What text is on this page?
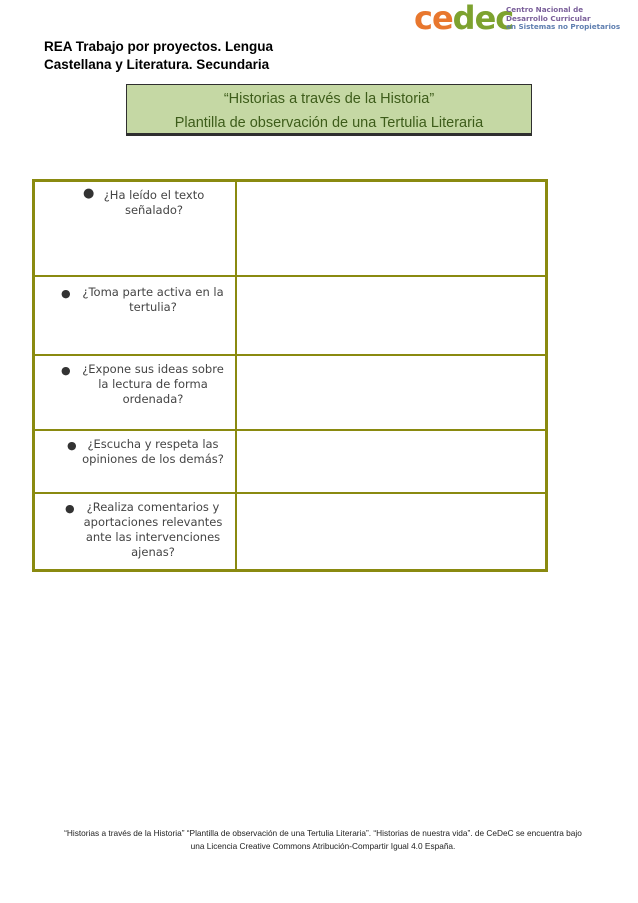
cedec
Centro Nacional de
Desarrollo Curricular
en Sistemas no Propietarios
REA Trabajo por proyectos. Lengua
Castellana y Literatura. Secundaria
“Historias a través de la Historia”
Plantilla de observación de una Tertulia Literaria
● ¿Ha leído el texto señalado?	

● ¿Toma parte activa en la tertulia?	

● ¿Expone sus ideas sobre la lectura de forma ordenada?	

● ¿Escucha y respeta las opiniones de los demás?	

● ¿Realiza comentarios y aportaciones relevantes ante las intervenciones ajenas?	

“Historias a través de la Historia” “Plantilla de observación de una Tertulia Literaria”. “Historias de nuestra vida”. de CeDeC se encuentra bajo
una Licencia Creative Commons Atribución-Compartir Igual 4.0 España.
